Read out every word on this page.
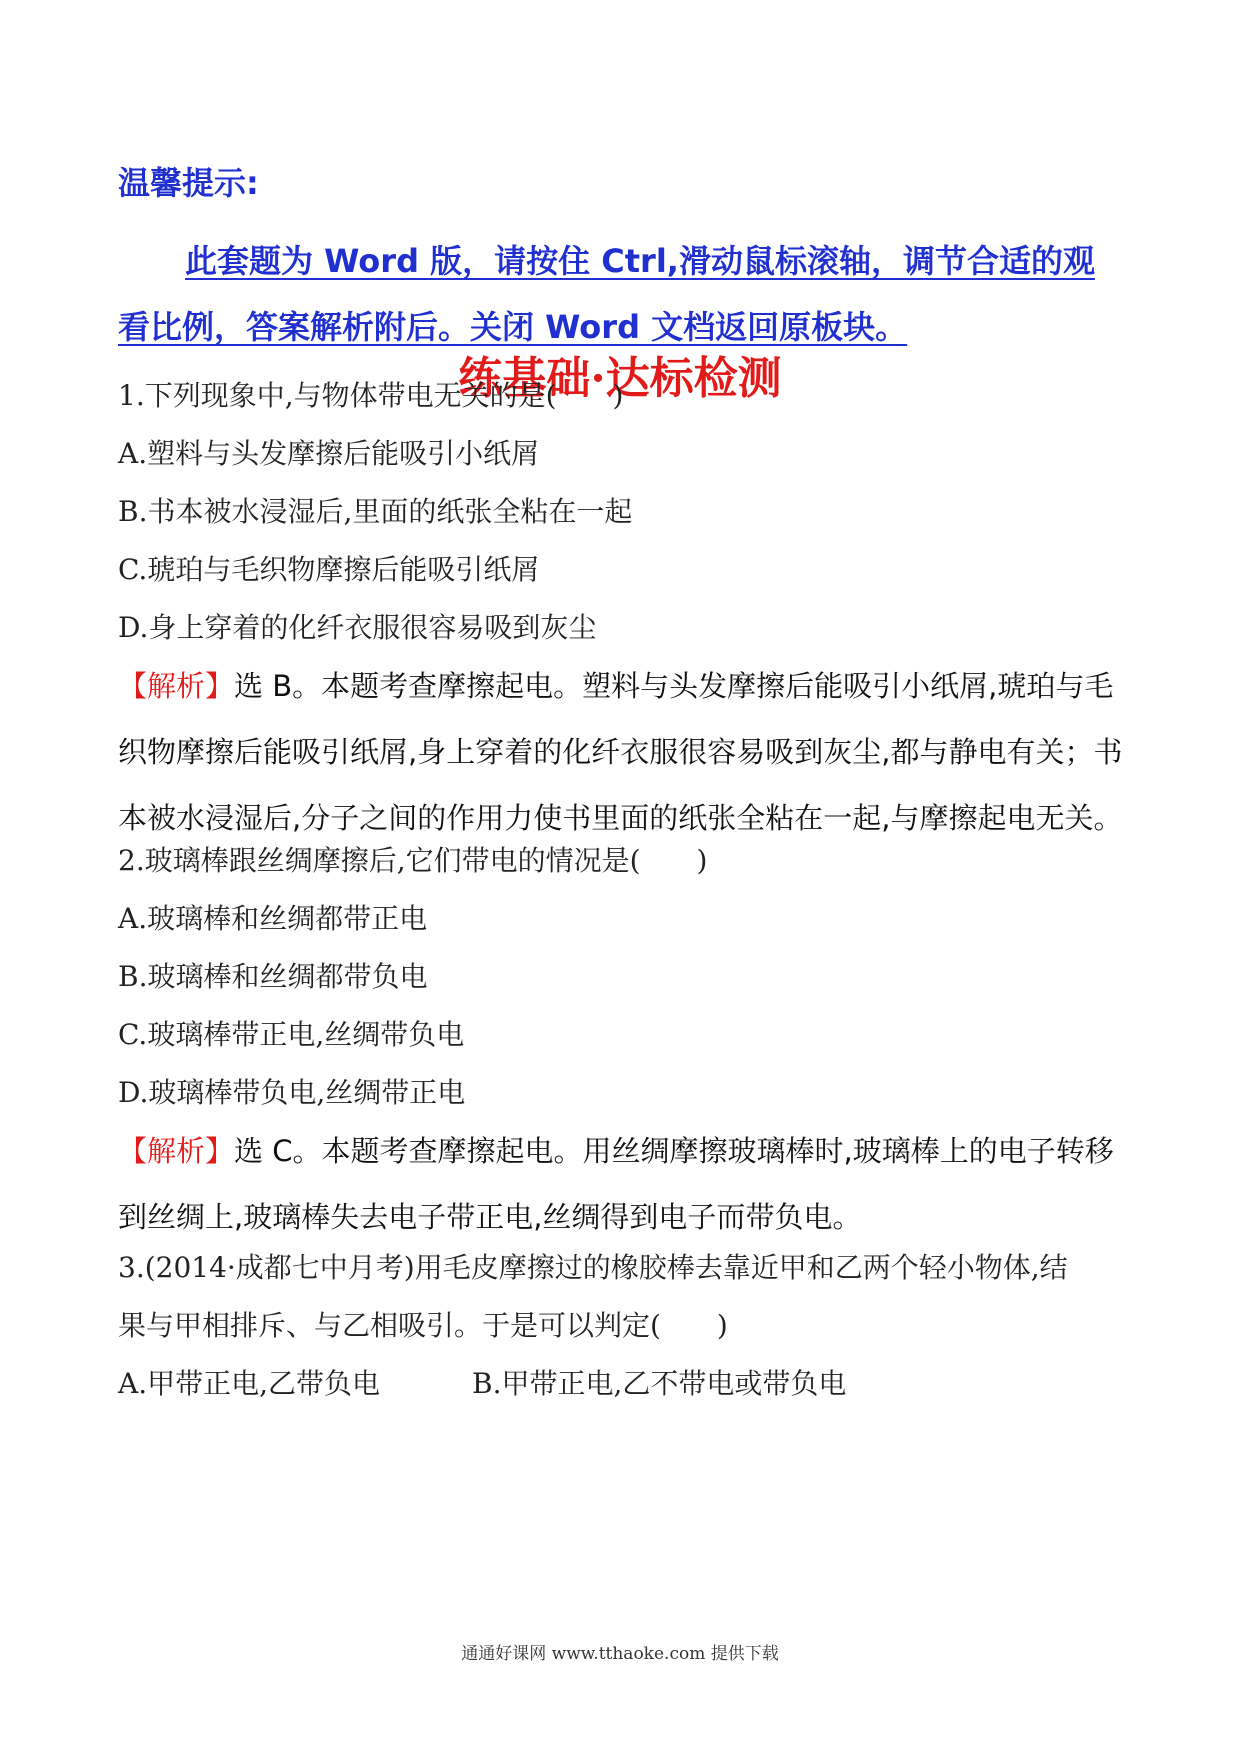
温馨提示:
此套题为 Word 版，请按住 Ctrl,滑动鼠标滚轴，调节合适的观
看比例，答案解析附后。关闭 Word 文档返回原板块。
练基础·达标检测
1.下列现象中,与物体带电无关的是(　　)
A.塑料与头发摩擦后能吸引小纸屑
B.书本被水浸湿后,里面的纸张全粘在一起
C.琥珀与毛织物摩擦后能吸引纸屑
D.身上穿着的化纤衣服很容易吸到灰尘
【解析】选 B。本题考查摩擦起电。塑料与头发摩擦后能吸引小纸屑,琥珀与毛
织物摩擦后能吸引纸屑,身上穿着的化纤衣服很容易吸到灰尘,都与静电有关；书
本被水浸湿后,分子之间的作用力使书里面的纸张全粘在一起,与摩擦起电无关。
2.玻璃棒跟丝绸摩擦后,它们带电的情况是(　　)
A.玻璃棒和丝绸都带正电
B.玻璃棒和丝绸都带负电
C.玻璃棒带正电,丝绸带负电
D.玻璃棒带负电,丝绸带正电
【解析】选 C。本题考查摩擦起电。用丝绸摩擦玻璃棒时,玻璃棒上的电子转移
到丝绸上,玻璃棒失去电子带正电,丝绸得到电子而带负电。
3.(2014·成都七中月考)用毛皮摩擦过的橡胶棒去靠近甲和乙两个轻小物体,结
果与甲相排斥、与乙相吸引。于是可以判定(　　)
A.甲带正电,乙带负电	B.甲带正电,乙不带电或带负电
通通好课网 www.tthaoke.com 提供下载
